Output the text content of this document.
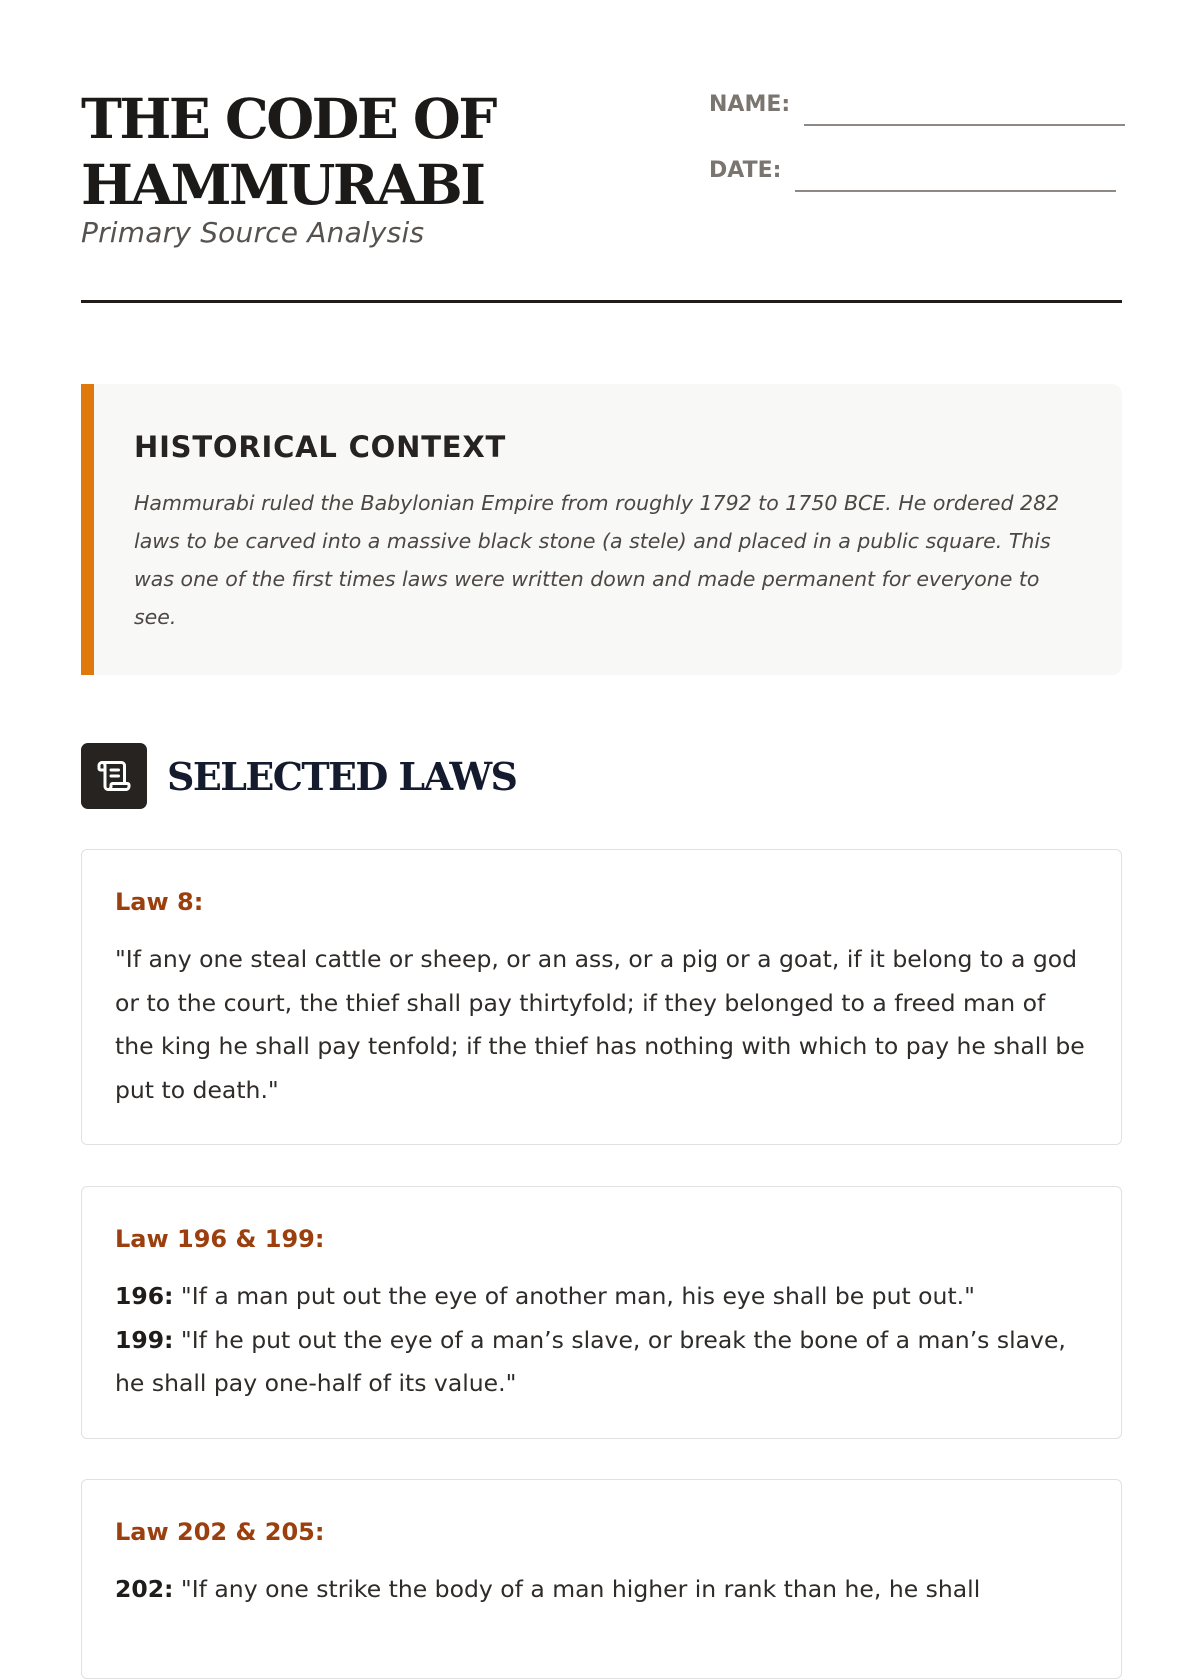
THE CODE OF HAMMURABI
Primary Source Analysis
NAME:
DATE:
HISTORICAL CONTEXT

Hammurabi ruled the Babylonian Empire from roughly 1792 to 1750 BCE. He ordered 282 laws to be carved into a massive black stone (a stele) and placed in a public square. This was one of the first times laws were written down and made permanent for everyone to see.

SELECTED LAWS
Law 8:

"If any one steal cattle or sheep, or an ass, or a pig or a goat, if it belong to a god or to the court, the thief shall pay thirtyfold; if they belonged to a freed man of the king he shall pay tenfold; if the thief has nothing with which to pay he shall be put to death."

Law 196 & 199:

196: "If a man put out the eye of another man, his eye shall be put out."
199: "If he put out the eye of a man’s slave, or break the bone of a man’s slave, he shall pay one-half of its value."

Law 202 & 205:

202: "If any one strike the body of a man higher in rank than he, he shall
